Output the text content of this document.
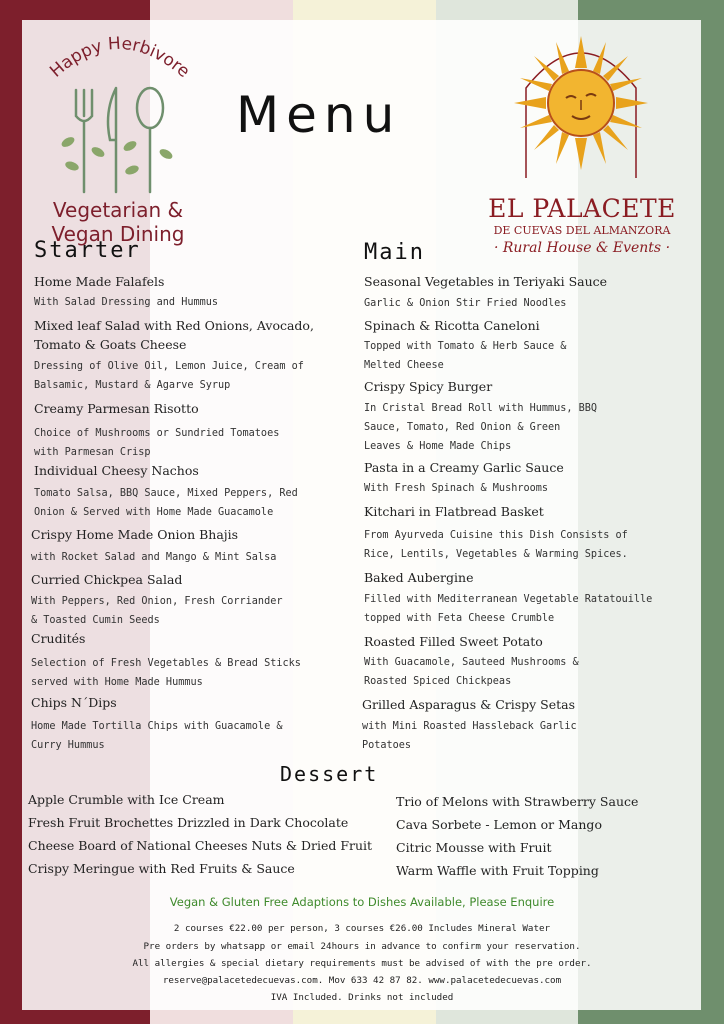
Happy Herbivore
Vegetarian &
Vegan Dining
Menu
EL PALACETE
DE CUEVAS DEL ALMANZORA
· Rural House & Events ·
Starter
Home Made Falafels
With Salad Dressing and Hummus
Mixed leaf Salad with Red Onions, Avocado,
Tomato & Goats Cheese
Dressing of Olive Oil, Lemon Juice, Cream of
Balsamic, Mustard & Agarve Syrup
Creamy Parmesan Risotto
Choice of Mushrooms or Sundried Tomatoes
with Parmesan Crisp
Individual Cheesy Nachos
Tomato Salsa, BBQ Sauce, Mixed Peppers, Red
Onion & Served with Home Made Guacamole
Crispy Home Made Onion Bhajis
with Rocket Salad and Mango & Mint Salsa
Curried Chickpea Salad
With Peppers, Red Onion, Fresh Corriander
& Toasted Cumin Seeds
Crudités
Selection of Fresh Vegetables & Bread Sticks
served with Home Made Hummus
Chips N´Dips
Home Made Tortilla Chips with Guacamole &
Curry Hummus
Main
Seasonal Vegetables in Teriyaki Sauce
Garlic & Onion Stir Fried Noodles
Spinach & Ricotta Caneloni
Topped with Tomato & Herb Sauce &
Melted Cheese
Crispy Spicy Burger
In Cristal Bread Roll with Hummus, BBQ
Sauce, Tomato, Red Onion & Green
Leaves & Home Made Chips
Pasta in a Creamy Garlic Sauce
With Fresh Spinach & Mushrooms
Kitchari in Flatbread Basket
From Ayurveda Cuisine this Dish Consists of
Rice, Lentils, Vegetables & Warming Spices.
Baked Aubergine
Filled with Mediterranean Vegetable Ratatouille
topped with Feta Cheese Crumble
Roasted Filled Sweet Potato
With Guacamole, Sauteed Mushrooms &
Roasted Spiced Chickpeas
Grilled Asparagus & Crispy Setas
with Mini Roasted Hassleback Garlic
Potatoes
Dessert
Apple Crumble with Ice Cream
Fresh Fruit Brochettes Drizzled in Dark Chocolate
Cheese Board of National Cheeses Nuts & Dried Fruit
Crispy Meringue with Red Fruits & Sauce
Trio of Melons with Strawberry Sauce
Cava Sorbete - Lemon or Mango
Citric Mousse with Fruit
Warm Waffle with Fruit Topping
Vegan & Gluten Free Adaptions to Dishes Available, Please Enquire
2 courses €22.00 per person, 3 courses €26.00 Includes Mineral Water
Pre orders by whatsapp or email 24hours in advance to confirm your reservation.
All allergies & special dietary requirements must be advised of with the pre order.
reserve@palacetedecuevas.com. Mov 633 42 87 82. www.palacetedecuevas.com
IVA Included. Drinks not included
